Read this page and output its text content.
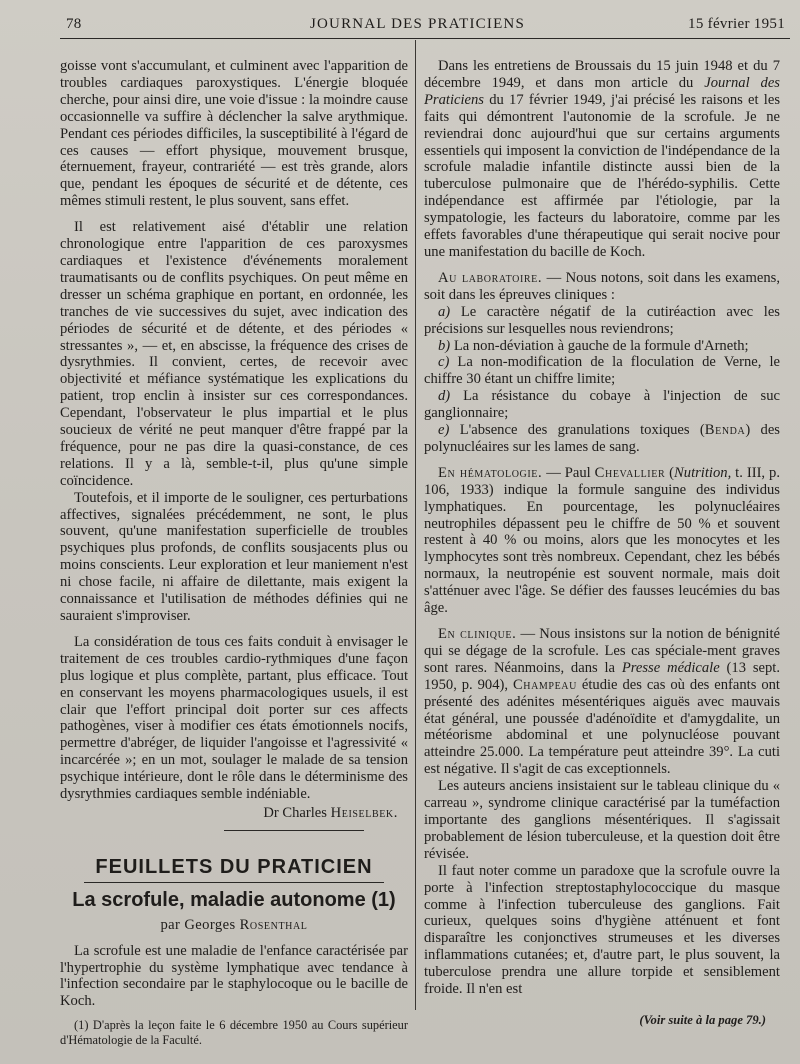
78	JOURNAL DES PRATICIENS	15 février 1951

goisse vont s'accumulant, et culminent avec l'apparition de troubles cardiaques paroxystiques. L'énergie bloquée cherche, pour ainsi dire, une voie d'issue : la moindre cause occasionnelle va suffire à déclencher la salve arythmique. Pendant ces périodes difficiles, la susceptibilité à l'égard de ces causes — effort physique, mouvement brusque, éternuement, frayeur, contrariété — est très grande, alors que, pendant les époques de sécurité et de détente, ces mêmes stimuli restent, le plus souvent, sans effet.

Il est relativement aisé d'établir une relation chronologique entre l'apparition de ces paroxysmes cardiaques et l'existence d'événements moralement traumatisants ou de conflits psychiques. On peut même en dresser un schéma graphique en portant, en ordonnée, les tranches de vie successives du sujet, avec indication des périodes de sécurité et de détente, et des périodes « stressantes », — et, en abscisse, la fréquence des crises de dysrythmies. Il convient, certes, de recevoir avec objectivité et méfiance systématique les explications du patient, trop enclin à insister sur ces correspondances. Cependant, l'observateur le plus impartial et le plus soucieux de vérité ne peut manquer d'être frappé par la fréquence, pour ne pas dire la quasi-constance, de ces relations. Il y a là, semble-t-il, plus qu'une simple coïncidence.

Toutefois, et il importe de le souligner, ces perturbations affectives, signalées précédemment, ne sont, le plus souvent, qu'une manifestation superficielle de troubles psychiques plus profonds, de conflits sousjacents plus ou moins conscients. Leur exploration et leur maniement n'est ni chose facile, ni affaire de dilettante, mais exigent la connaissance et l'utilisation de méthodes définies qui ne sauraient s'improviser.

La considération de tous ces faits conduit à envisager le traitement de ces troubles cardio-rythmiques d'une façon plus logique et plus complète, partant, plus efficace. Tout en conservant les moyens pharmacologiques usuels, il est clair que l'effort principal doit porter sur ces affects pathogènes, viser à modifier ces états émotionnels nocifs, permettre d'abréger, de liquider l'angoisse et l'agressivité « incarcérée »; en un mot, soulager le malade de sa tension psychique intérieure, dont le rôle dans le déterminisme des dysrythmies cardiaques semble indéniable.

Dr Charles Heiselbek.
FEUILLETS DU PRATICIEN
La scrofule, maladie autonome (1)
par Georges Rosenthal

La scrofule est une maladie de l'enfance caractérisée par l'hypertrophie du système lymphatique avec tendance à l'infection secondaire par le staphylocoque ou le bacille de Koch.

(1) D'après la leçon faite le 6 décembre 1950 au Cours supérieur d'Hématologie de la Faculté.

Dans les entretiens de Broussais du 15 juin 1948 et du 7 décembre 1949, et dans mon article du Journal des Praticiens du 17 février 1949, j'ai précisé les raisons et les faits qui démontrent l'autonomie de la scrofule. Je ne reviendrai donc aujourd'hui que sur certains arguments essentiels qui imposent la conviction de l'indépendance de la scrofule maladie infantile distincte aussi bien de la tuberculose pulmonaire que de l'hérédo-syphilis. Cette indépendance est affirmée par l'étiologie, par la sympatologie, les facteurs du laboratoire, comme par les effets favorables d'une thérapeutique qui serait nocive pour une manifestation du bacille de Koch.

Au laboratoire. — Nous notons, soit dans les examens, soit dans les épreuves cliniques :

a) Le caractère négatif de la cutiréaction avec les précisions sur lesquelles nous reviendrons;

b) La non-déviation à gauche de la formule d'Arneth;

c) La non-modification de la floculation de Verne, le chiffre 30 étant un chiffre limite;

d) La résistance du cobaye à l'injection de suc ganglionnaire;

e) L'absence des granulations toxiques (Benda) des polynucléaires sur les lames de sang.

En hématologie. — Paul Chevallier (Nutrition, t. III, p. 106, 1933) indique la formule sanguine des individus lymphatiques. En pourcentage, les polynucléaires neutrophiles dépassent peu le chiffre de 50 % et souvent restent à 40 % ou moins, alors que les monocytes et les lymphocytes sont très nombreux. Cependant, chez les bébés normaux, la neutropénie est souvent normale, mais doit s'atténuer avec l'âge. Se défier des fausses leucémies du bas âge.

En clinique. — Nous insistons sur la notion de bénignité qui se dégage de la scrofule. Les cas spéciale-ment graves sont rares. Néanmoins, dans la Presse médicale (13 sept. 1950, p. 904), Champeau étudie des cas où des enfants ont présenté des adénites mésentériques aiguës avec mauvais état général, une poussée d'adénoïdite et d'amygdalite, un météorisme abdominal et une polynucléose pouvant atteindre 25.000. La température peut atteindre 39°. La cuti est négative. Il s'agit de cas exceptionnels.

Les auteurs anciens insistaient sur le tableau clinique du « carreau », syndrome clinique caractérisé par la tuméfaction importante des ganglions mésentériques. Il s'agissait probablement de lésion tuberculeuse, et la question doit être révisée.

Il faut noter comme un paradoxe que la scrofule ouvre la porte à l'infection streptostaphylococcique du masque comme à l'infection tuberculeuse des ganglions. Fait curieux, quelques soins d'hygiène atténuent et font disparaître les conjonctives strumeuses et les diverses inflammations cutanées; et, d'autre part, le plus souvent, la tuberculose prendra une allure torpide et sensiblement froide. Il n'en est

(Voir suite à la page 79.)
